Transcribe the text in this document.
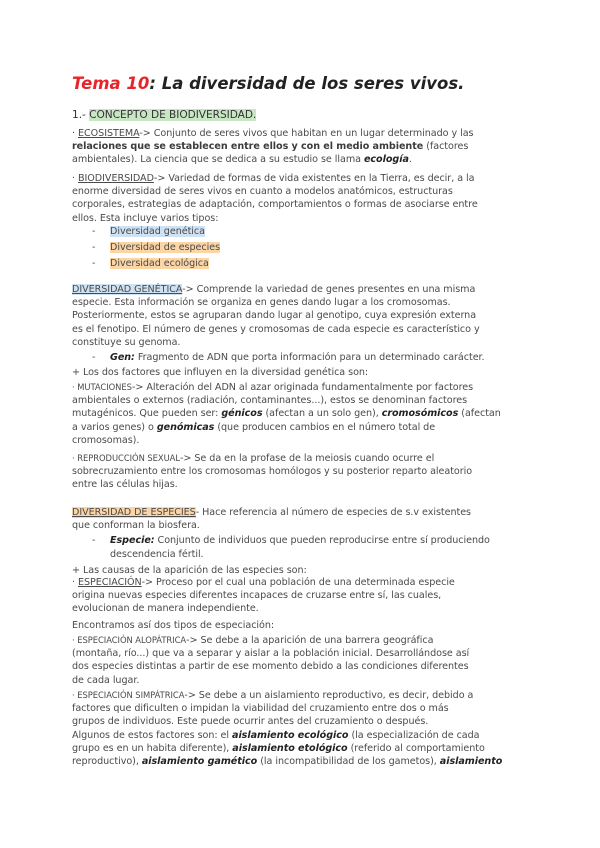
Tema 10: La diversidad de los seres vivos.
1.- CONCEPTO DE BIODIVERSIDAD.
· ECOSISTEMA-> Conjunto de seres vivos que habitan en un lugar determinado y las
relaciones que se establecen entre ellos y con el medio ambiente (factores
ambientales). La ciencia que se dedica a su estudio se llama ecología.
· BIODIVERSIDAD-> Variedad de formas de vida existentes en la Tierra, es decir, a la
enorme diversidad de seres vivos en cuanto a modelos anatómicos, estructuras
corporales, estrategias de adaptación, comportamientos o formas de asociarse entre
ellos. Esta incluye varios tipos:
- Diversidad genética
- Diversidad de especies
- Diversidad ecológica
DIVERSIDAD GENÉTICA-> Comprende la variedad de genes presentes en una misma
especie. Esta información se organiza en genes dando lugar a los cromosomas.
Posteriormente, estos se agruparan dando lugar al genotipo, cuya expresión externa
es el fenotipo. El número de genes y cromosomas de cada especie es característico y
constituye su genoma.
- Gen: Fragmento de ADN que porta información para un determinado carácter.
+ Los dos factores que influyen en la diversidad genética son:
· MUTACIONES-> Alteración del ADN al azar originada fundamentalmente por factores
ambientales o externos (radiación, contaminantes...), estos se denominan factores
mutagénicos. Que pueden ser: génicos (afectan a un solo gen), cromosómicos (afectan
a varios genes) o genómicas (que producen cambios en el número total de
cromosomas).
· REPRODUCCIÓN SEXUAL-> Se da en la profase de la meiosis cuando ocurre el
sobrecruzamiento entre los cromosomas homólogos y su posterior reparto aleatorio
entre las células hijas.
DIVERSIDAD DE ESPECIES- Hace referencia al número de especies de s.v existentes
que conforman la biosfera.
- Especie: Conjunto de individuos que pueden reproducirse entre sí produciendo
descendencia fértil.
+ Las causas de la aparición de las especies son:
· ESPECIACIÓN-> Proceso por el cual una población de una determinada especie
origina nuevas especies diferentes incapaces de cruzarse entre sí, las cuales,
evolucionan de manera independiente.
Encontramos así dos tipos de especiación:
· ESPECIACIÓN ALOPÁTRICA-> Se debe a la aparición de una barrera geográfica
(montaña, río...) que va a separar y aislar a la población inicial. Desarrollándose así
dos especies distintas a partir de ese momento debido a las condiciones diferentes
de cada lugar.
· ESPECIACIÓN SIMPÁTRICA-> Se debe a un aislamiento reproductivo, es decir, debido a
factores que dificulten o impidan la viabilidad del cruzamiento entre dos o más
grupos de individuos. Este puede ocurrir antes del cruzamiento o después.
Algunos de estos factores son: el aislamiento ecológico (la especialización de cada
grupo es en un habita diferente), aislamiento etológico (referido al comportamiento
reproductivo), aislamiento gamético (la incompatibilidad de los gametos), aislamiento
